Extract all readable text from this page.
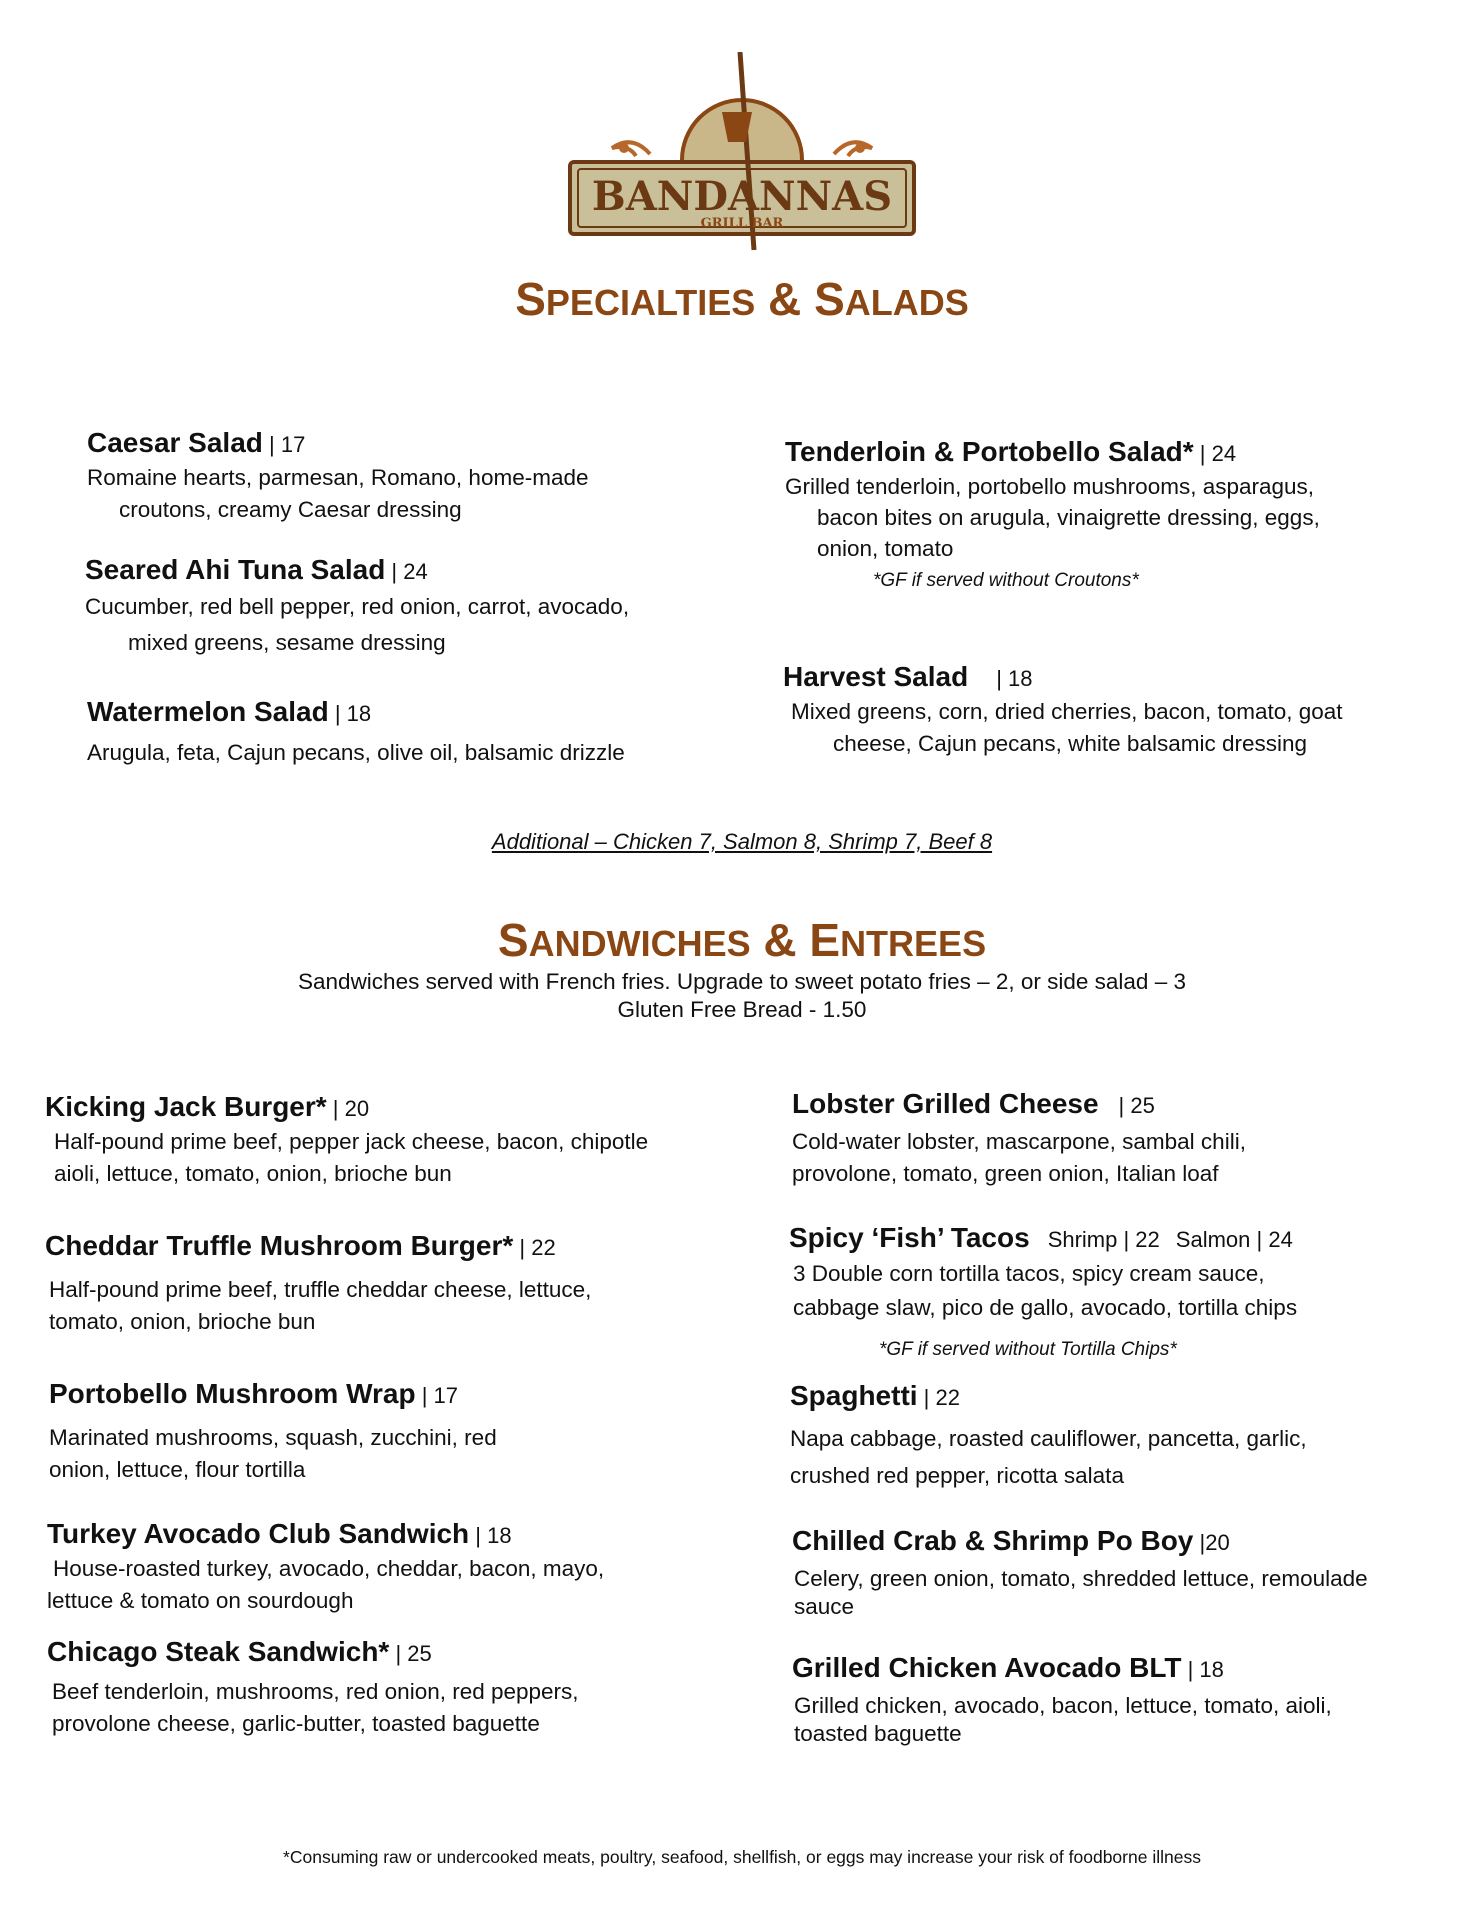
BANDANNAS
GRILL BAR
SPECIALTIES & SALADS
Caesar Salad | 17
Romaine hearts, parmesan, Romano, home-made
croutons, creamy Caesar dressing
Seared Ahi Tuna Salad | 24
Cucumber, red bell pepper, red onion, carrot, avocado,
mixed greens, sesame dressing
Watermelon Salad | 18
Arugula, feta, Cajun pecans, olive oil, balsamic drizzle
Tenderloin & Portobello Salad* | 24
Grilled tenderloin, portobello mushrooms, asparagus,
bacon bites on arugula, vinaigrette dressing, eggs,
onion, tomato
*GF if served without Croutons*
Harvest Salad | 18
Mixed greens, corn, dried cherries, bacon, tomato, goat
cheese, Cajun pecans, white balsamic dressing
Additional – Chicken 7, Salmon 8, Shrimp 7, Beef 8
SANDWICHES & ENTREES
Sandwiches served with French fries. Upgrade to sweet potato fries – 2, or side salad – 3
Gluten Free Bread - 1.50
Kicking Jack Burger* | 20
Half-pound prime beef, pepper jack cheese, bacon, chipotle
aioli, lettuce, tomato, onion, brioche bun
Cheddar Truffle Mushroom Burger* | 22
Half-pound prime beef, truffle cheddar cheese, lettuce,
tomato, onion, brioche bun
Portobello Mushroom Wrap | 17
Marinated mushrooms, squash, zucchini, red
onion, lettuce, flour tortilla
Turkey Avocado Club Sandwich | 18
House-roasted turkey, avocado, cheddar, bacon, mayo,
lettuce & tomato on sourdough
Chicago Steak Sandwich* | 25
Beef tenderloin, mushrooms, red onion, red peppers,
provolone cheese, garlic-butter, toasted baguette
Lobster Grilled Cheese | 25
Cold-water lobster, mascarpone, sambal chili,
provolone, tomato, green onion, Italian loaf
Spicy ‘Fish’ Tacos Shrimp | 22 Salmon | 24
3 Double corn tortilla tacos, spicy cream sauce,
cabbage slaw, pico de gallo, avocado, tortilla chips
*GF if served without Tortilla Chips*
Spaghetti | 22
Napa cabbage, roasted cauliflower, pancetta, garlic,
crushed red pepper, ricotta salata
Chilled Crab & Shrimp Po Boy |20
Celery, green onion, tomato, shredded lettuce, remoulade
sauce
Grilled Chicken Avocado BLT | 18
Grilled chicken, avocado, bacon, lettuce, tomato, aioli,
toasted baguette
*Consuming raw or undercooked meats, poultry, seafood, shellfish, or eggs may increase your risk of foodborne illness
